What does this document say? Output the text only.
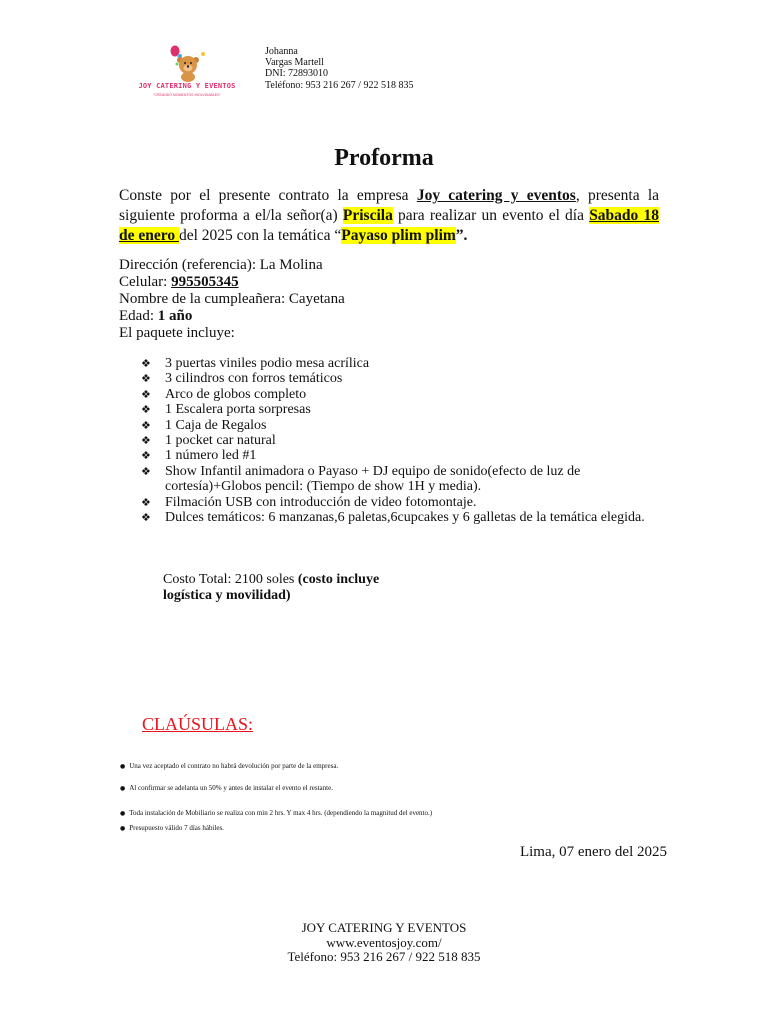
JOY CATERING Y EVENTOS
"CREANDO MOMENTOS INOLVIDABLES"
Johanna
Vargas Martell
DNI: 72893010
Teléfono: 953 216 267 / 922 518 835
Proforma
Conste por el presente contrato la empresa Joy catering y eventos, presenta la siguiente proforma a el/la señor(a) Priscila para realizar un evento el día Sabado 18 de enero del 2025 con la temática “Payaso plim plim”.
Dirección (referencia): La Molina
Celular: 995505345
Nombre de la cumpleañera: Cayetana
Edad: 1 año
El paquete incluye:
❖ 3 puertas viniles podio mesa acrílica
❖ 3 cilindros con forros temáticos
❖ Arco de globos completo
❖ 1 Escalera porta sorpresas
❖ 1 Caja de Regalos
❖ 1 pocket car natural
❖ 1 número led #1
❖ Show Infantil animadora o Payaso + DJ equipo de sonido(efecto de luz de cortesía)+Globos pencil: (Tiempo de show 1H y media).
❖ Filmación USB con introducción de video fotomontaje.
❖ Dulces temáticos: 6 manzanas,6 paletas,6cupcakes y 6 galletas de la temática elegida.
Costo Total: 2100 soles (costo incluye logística y movilidad)
CLAÚSULAS:
● Una vez aceptado el contrato no habrá devolución por parte de la empresa.
● Al confirmar se adelanta un 50% y antes de instalar el evento el restante.
● Toda instalación de Mobiliario se realiza con min 2 hrs. Y max 4 hrs. (dependiendo la magnitud del evento.)
● Presupuesto válido 7 días hábiles.
Lima, 07 enero del 2025
JOY CATERING Y EVENTOS
www.eventosjoy.com/
Teléfono: 953 216 267 / 922 518 835
